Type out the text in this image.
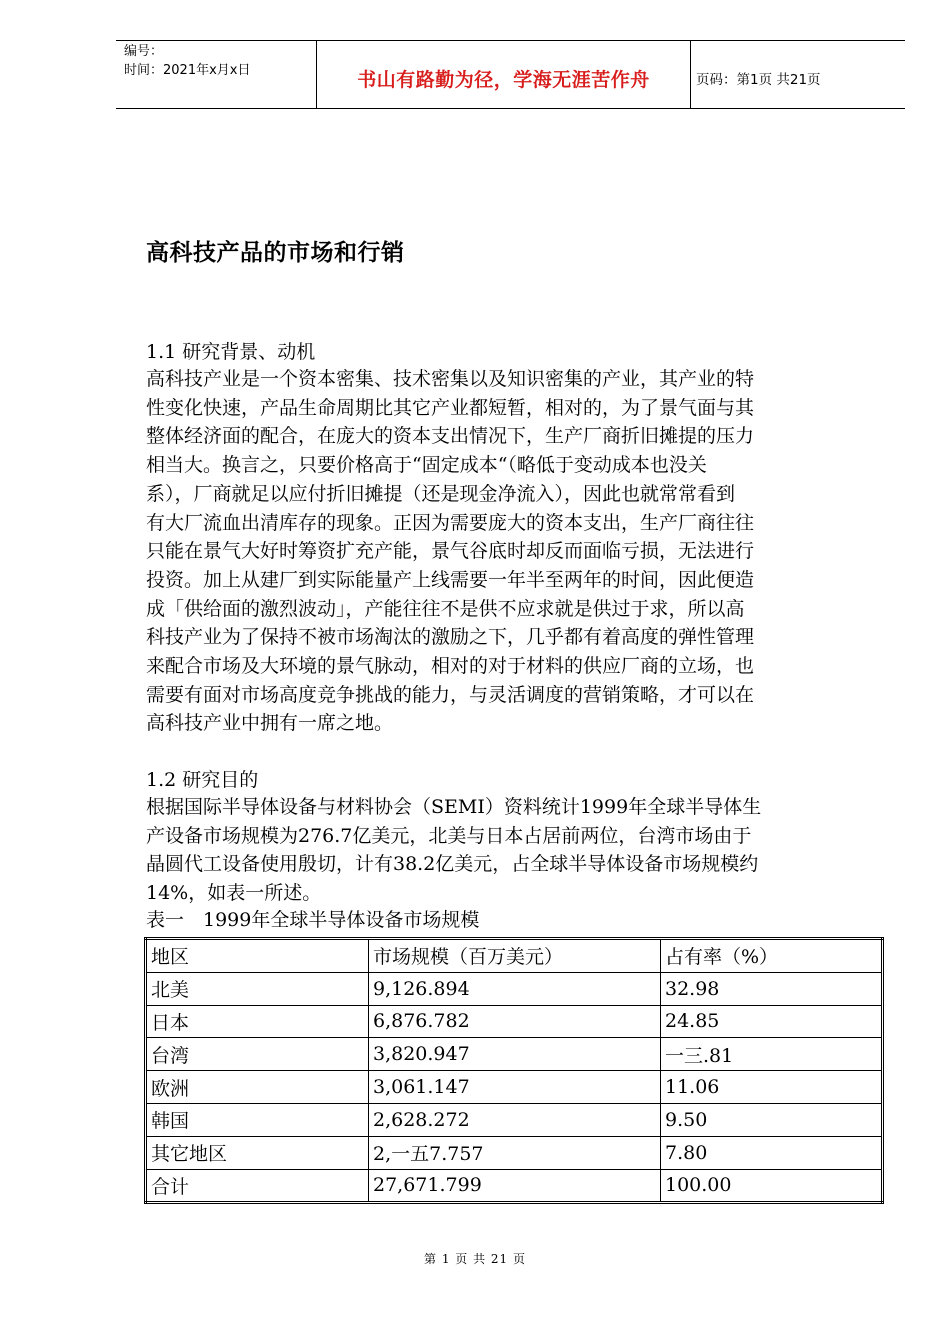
编号：
时间：2021年x月x日	书山有路勤为径，学海无涯苦作舟	页码：第1页 共21页
高科技产品的市场和行销
1.1 研究背景、动机
高科技产业是一个资本密集、技术密集以及知识密集的产业，其产业的特
性变化快速，产品生命周期比其它产业都短暂，相对的，为了景气面与其
整体经济面的配合，在庞大的资本支出情况下，生产厂商折旧摊提的压力
相当大。换言之，只要价格高于“固定成本“（略低于变动成本也没关
系），厂商就足以应付折旧摊提（还是现金净流入），因此也就常常看到
有大厂流血出清库存的现象。正因为需要庞大的资本支出，生产厂商往往
只能在景气大好时筹资扩充产能，景气谷底时却反而面临亏损，无法进行
投资。加上从建厂到实际能量产上线需要一年半至两年的时间，因此便造
成「供给面的激烈波动」，产能往往不是供不应求就是供过于求，所以高
科技产业为了保持不被市场淘汰的激励之下，几乎都有着高度的弹性管理
来配合市场及大环境的景气脉动，相对的对于材料的供应厂商的立场，也
需要有面对市场高度竞争挑战的能力，与灵活调度的营销策略，才可以在
高科技产业中拥有一席之地。
1.2 研究目的
根据国际半导体设备与材料协会（SEMI）资料统计1999年全球半导体生
产设备市场规模为276.7亿美元，北美与日本占居前两位，台湾市场由于
晶圆代工设备使用殷切，计有38.2亿美元，占全球半导体设备市场规模约
14%，如表一所述。
表一　1999年全球半导体设备市场规模
地区	市场规模（百万美元）	占有率（%）
北美	9,126.894	32.98
日本	6,876.782	24.85
台湾	3,820.947	一三.81
欧洲	3,061.147	11.06
韩国	2,628.272	9.50
其它地区	2,一五7.757	7.80
合计	27,671.799	100.00
第 1 页 共 21 页
